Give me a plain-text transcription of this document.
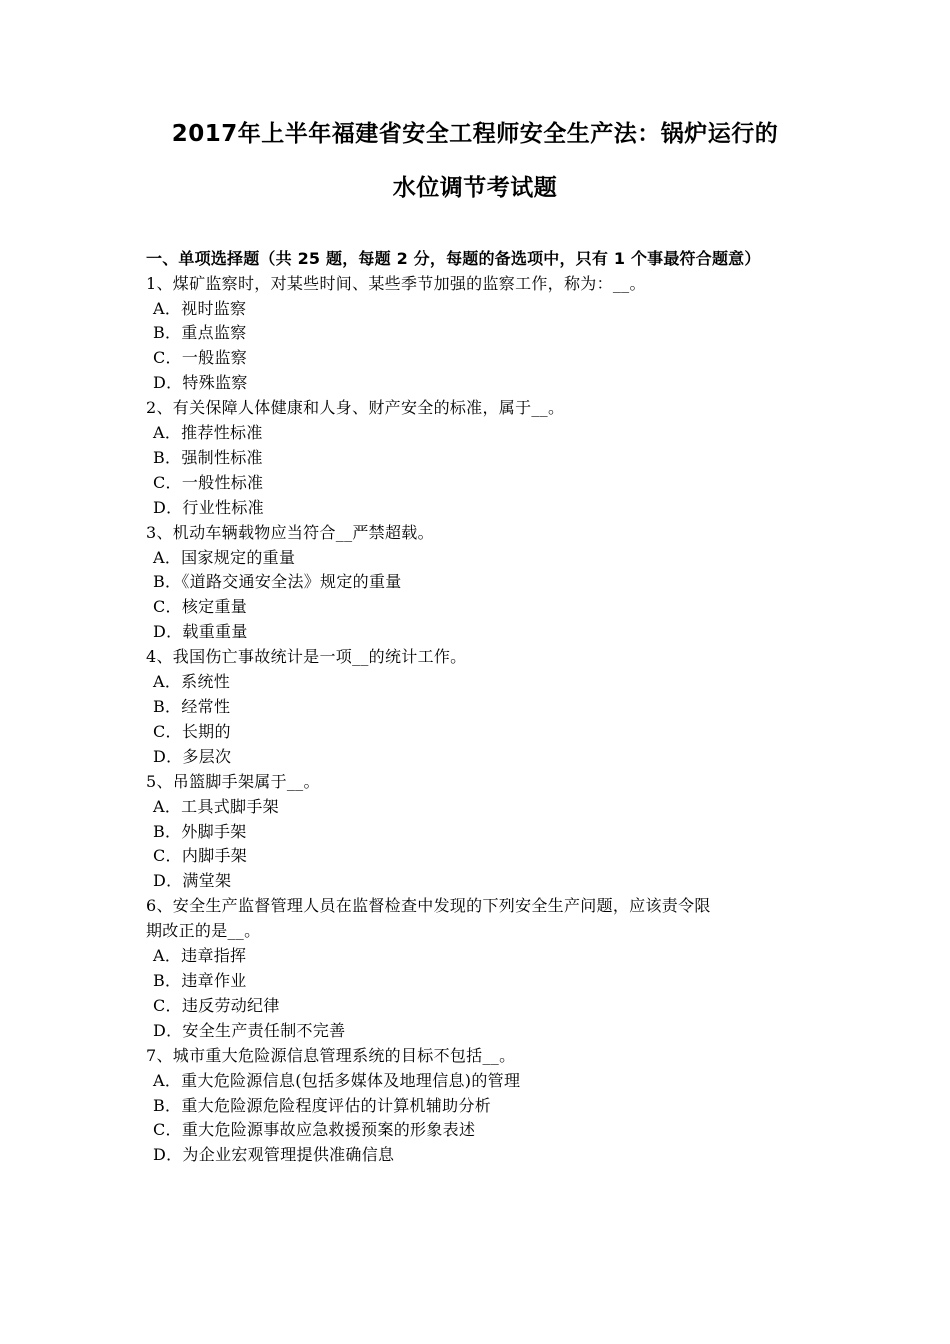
2017年上半年福建省安全工程师安全生产法：锅炉运行的
水位调节考试题

一、单项选择题（共 25 题，每题 2 分，每题的备选项中，只有 1 个事最符合题意）

1、煤矿监察时，对某些时间、某些季节加强的监察工作，称为：__。

A．视时监察

B．重点监察

C．一般监察

D．特殊监察

2、有关保障人体健康和人身、财产安全的标准，属于__。

A．推荐性标准

B．强制性标准

C．一般性标准

D．行业性标准

3、机动车辆载物应当符合__严禁超载。

A．国家规定的重量

B．《道路交通安全法》规定的重量

C．核定重量

D．载重重量

4、我国伤亡事故统计是一项__的统计工作。

A．系统性

B．经常性

C．长期的

D．多层次

5、吊篮脚手架属于__。

A．工具式脚手架

B．外脚手架

C．内脚手架

D．满堂架

6、安全生产监督管理人员在监督检查中发现的下列安全生产问题，应该责令限

期改正的是__。

A．违章指挥

B．违章作业

C．违反劳动纪律

D．安全生产责任制不完善

7、城市重大危险源信息管理系统的目标不包括__。

A．重大危险源信息(包括多媒体及地理信息)的管理

B．重大危险源危险程度评估的计算机辅助分析

C．重大危险源事故应急救援预案的形象表述

D．为企业宏观管理提供准确信息
